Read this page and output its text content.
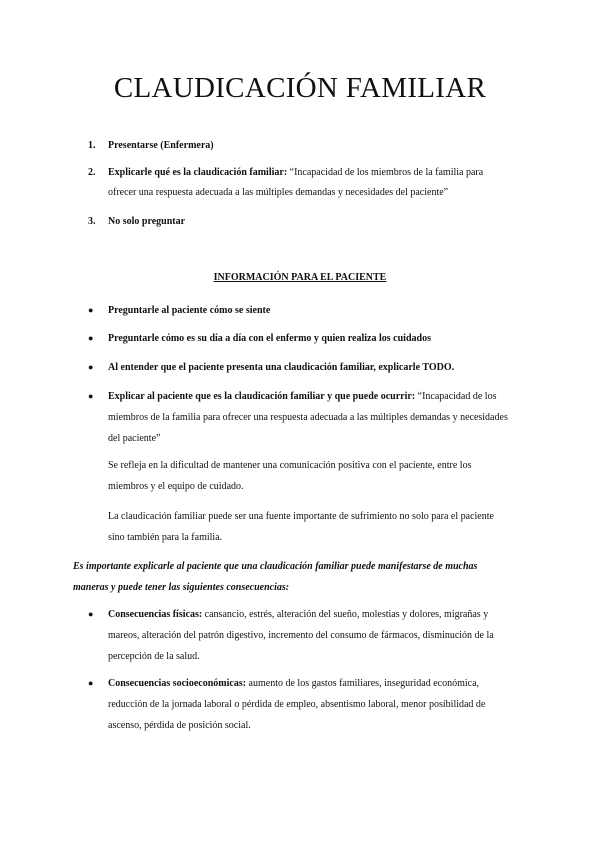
CLAUDICACIÓN FAMILIAR
1. Presentarse (Enfermera)
2. Explicarle qué es la claudicación familiar: “Incapacidad de los miembros de la familia para ofrecer una respuesta adecuada a las múltiples demandas y necesidades del paciente”
3. No solo preguntar
INFORMACIÓN PARA EL PACIENTE
● Preguntarle al paciente cómo se siente
● Preguntarle cómo es su día a día con el enfermo y quien realiza los cuidados
● Al entender que el paciente presenta una claudicación familiar, explicarle TODO.
● Explicar al paciente que es la claudicación familiar y que puede ocurrir: “Incapacidad de los miembros de la familia para ofrecer una respuesta adecuada a las múltiples demandas y necesidades del paciente”
Se refleja en la dificultad de mantener una comunicación positiva con el paciente, entre los miembros y el equipo de cuidado.
La claudicación familiar puede ser una fuente importante de sufrimiento no solo para el paciente sino también para la familia.
Es importante explicarle al paciente que una claudicación familiar puede manifestarse de muchas maneras y puede tener las siguientes consecuencias:
● Consecuencias físicas: cansancio, estrés, alteración del sueño, molestias y dolores, migrañas y mareos, alteración del patrón digestivo, incremento del consumo de fármacos, disminución de la percepción de la salud.
● Consecuencias socioeconómicas: aumento de los gastos familiares, inseguridad económica, reducción de la jornada laboral o pérdida de empleo, absentismo laboral, menor posibilidad de ascenso, pérdida de posición social.
